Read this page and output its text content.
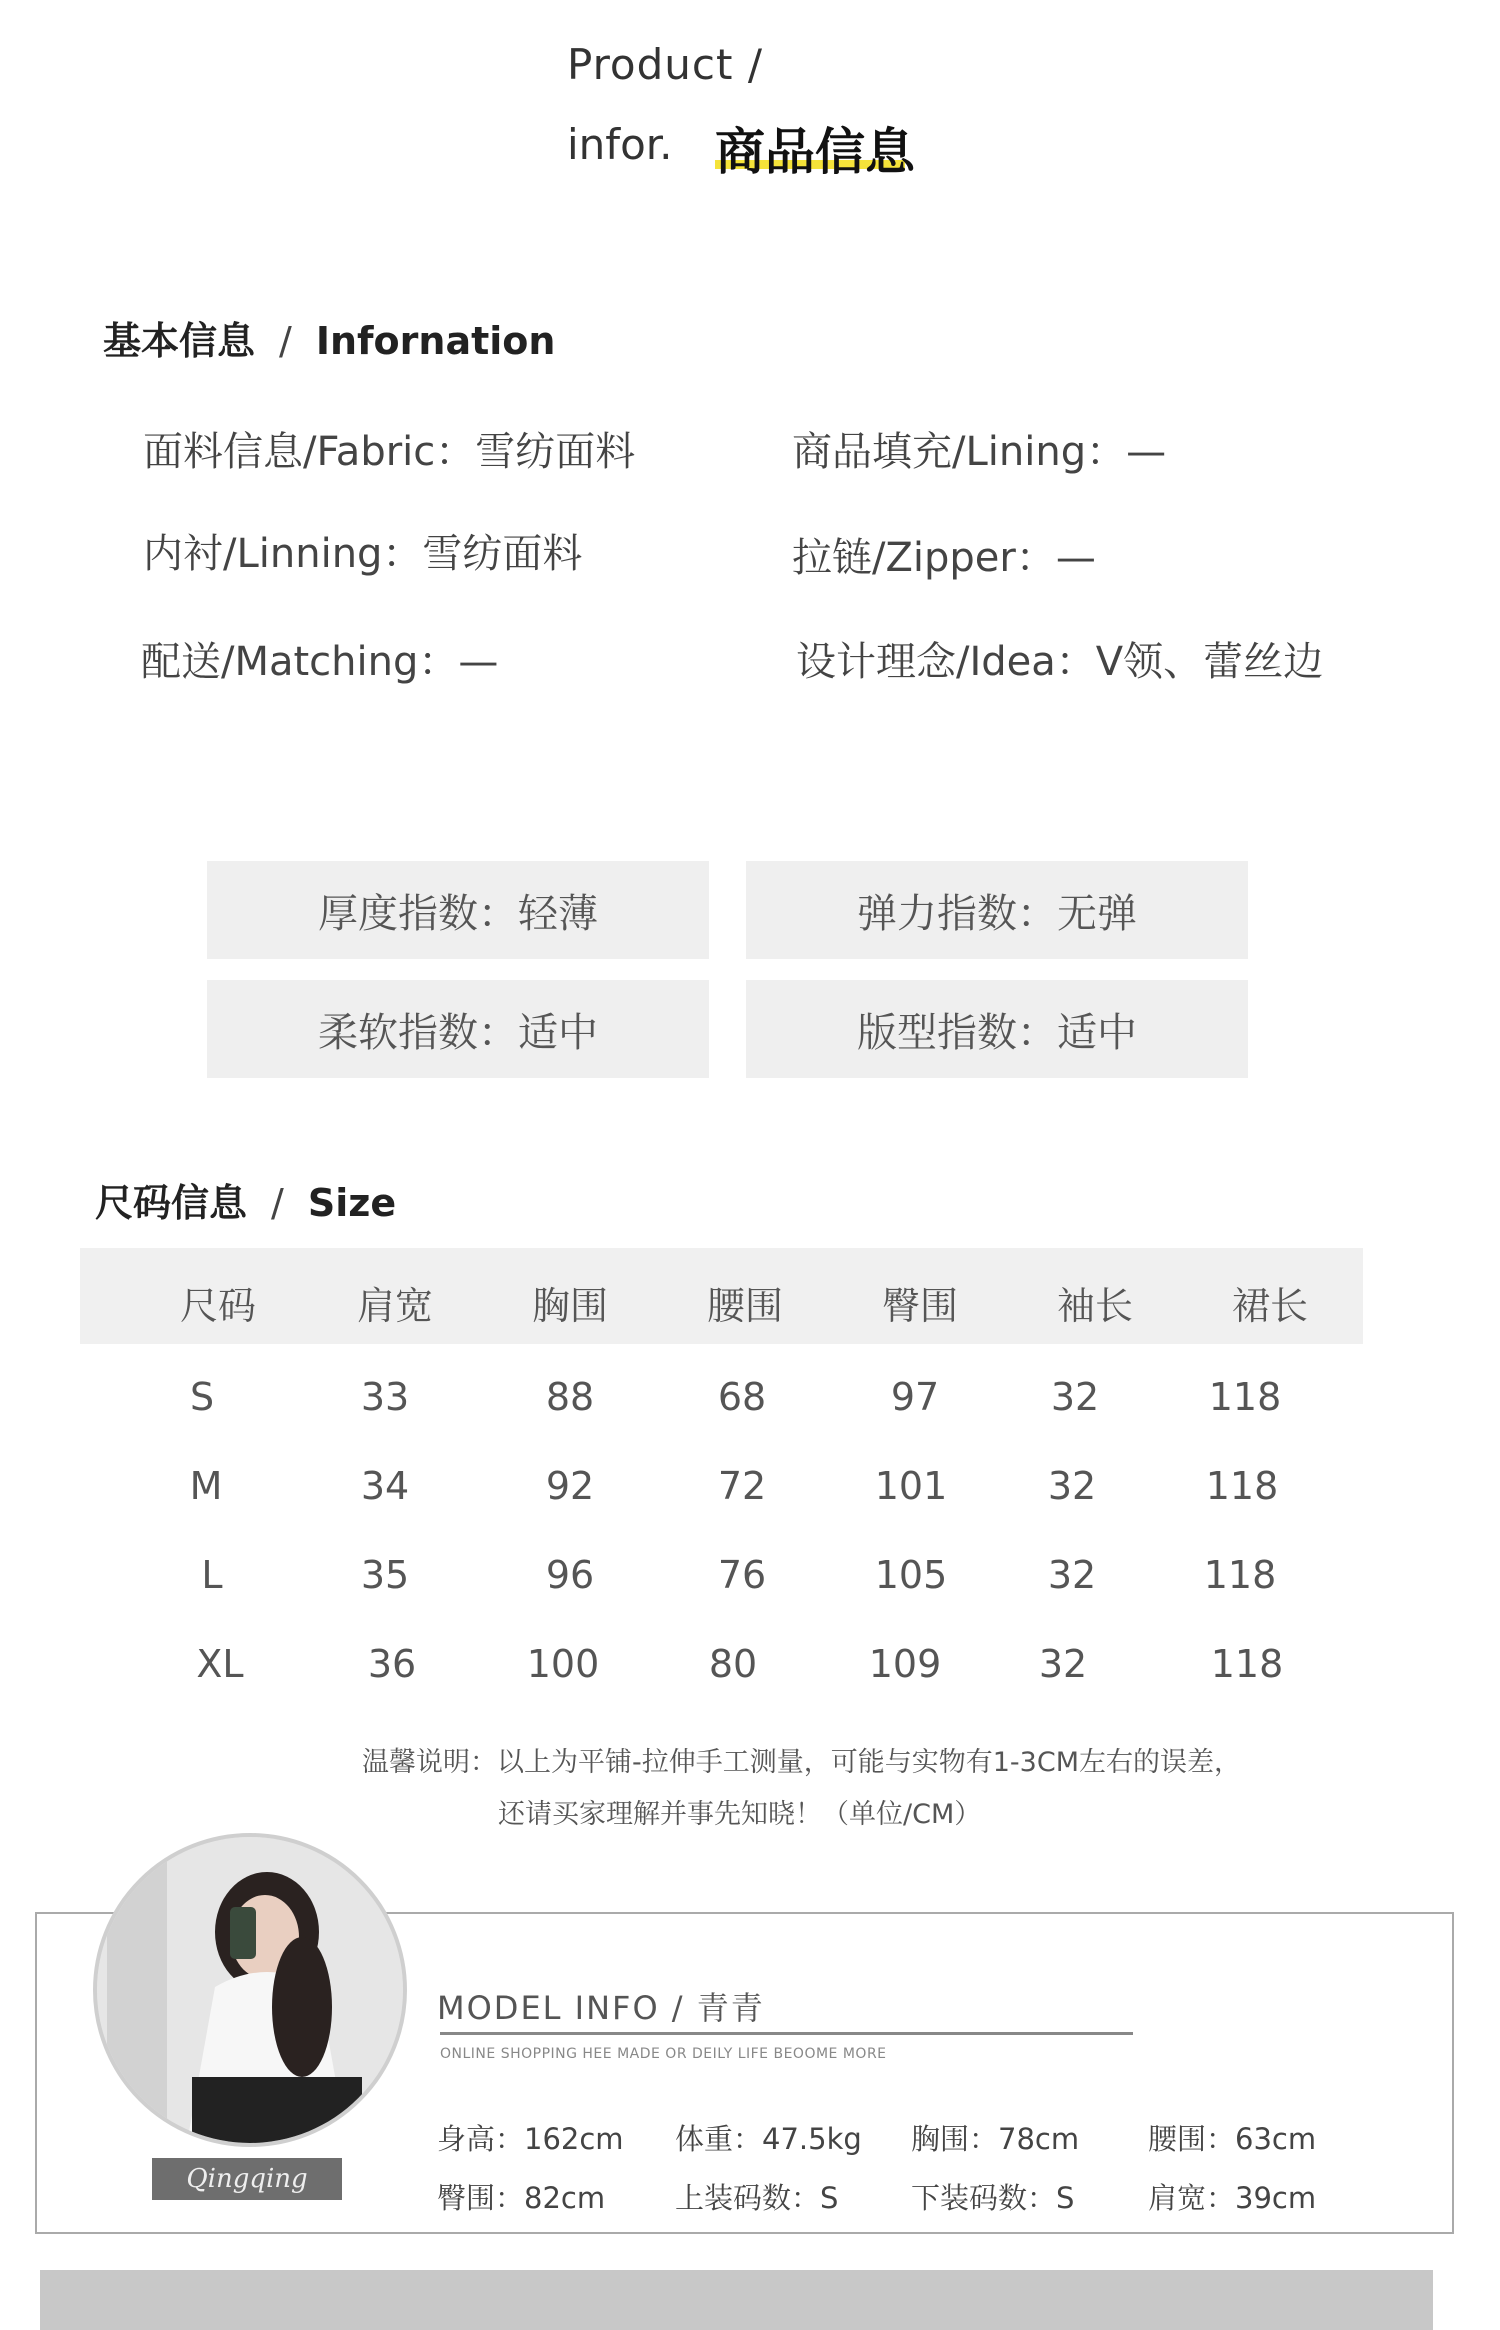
Product /
infor. 商品信息
基本信息 / Infornation
面料信息/Fabric：雪纺面料	商品填充/Lining：—
内衬/Linning：雪纺面料	拉链/Zipper：—
配送/Matching：—	设计理念/Idea：V领、蕾丝边
厚度指数：轻薄	弹力指数：无弹
柔软指数：适中	版型指数：适中
尺码信息 / Size
尺码	肩宽	胸围	腰围	臀围	袖长	裙长
S	33	88	68	97	32	118
M	34	92	72	101	32	118
L	35	96	76	105	32	118
XL	36	100	80	109	32	118
温馨说明：以上为平铺-拉伸手工测量，可能与实物有1-3CM左右的误差，
还请买家理解并事先知晓！（单位/CM）
Qingqing
MODEL INFO / 青青
ONLINE SHOPPING HEE MADE OR DEILY LIFE BEOOME MORE
身高：162cm 体重：47.5kg 胸围：78cm 腰围：63cm
臀围：82cm 上装码数：S	下装码数：S	肩宽：39cm
